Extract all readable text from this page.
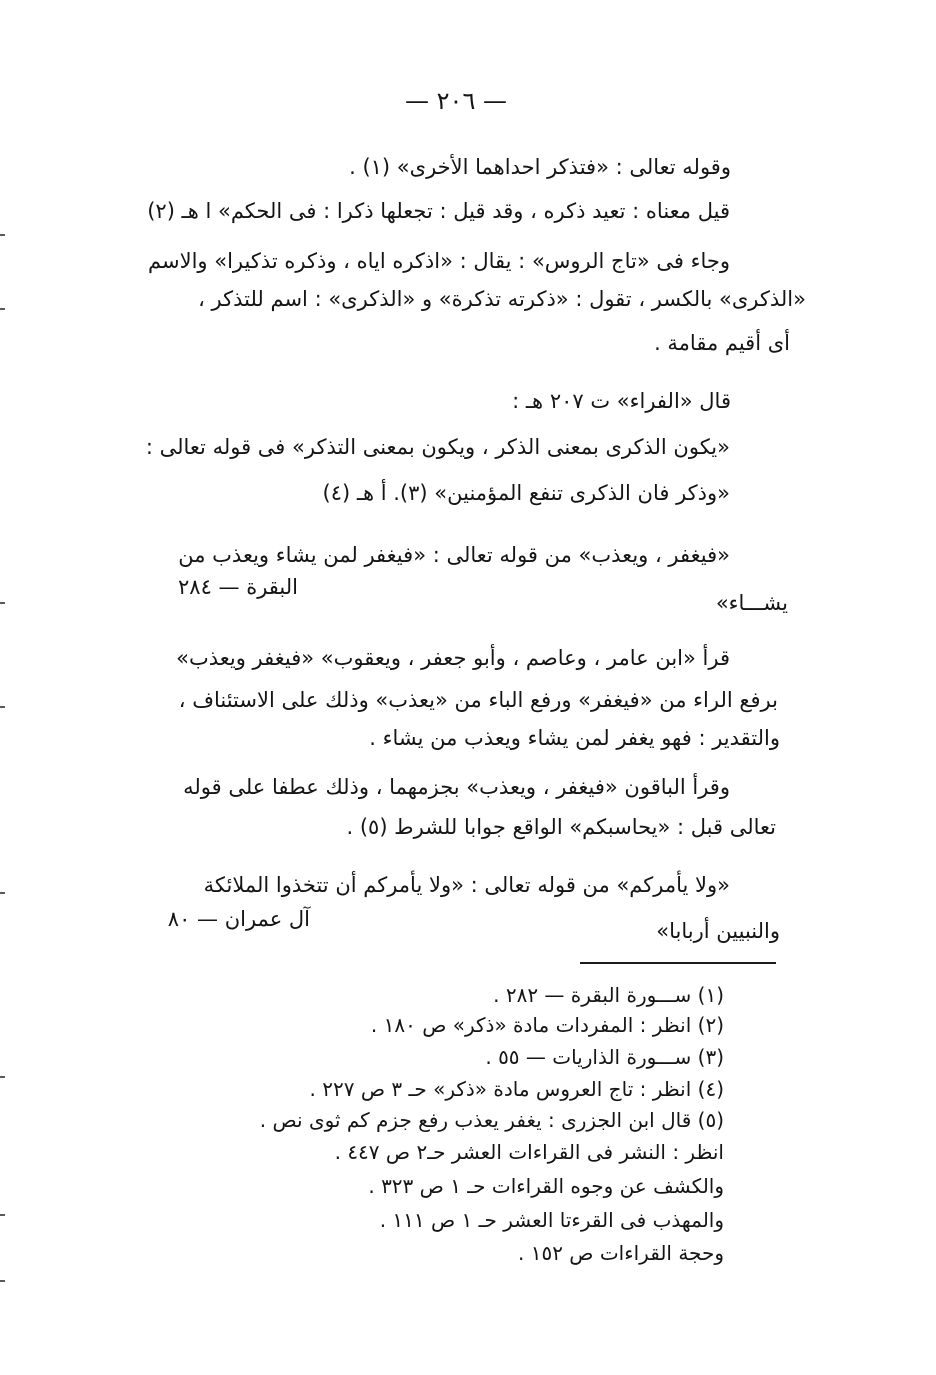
— ٢٠٦ —
وقوله تعالى : «فتذكر احداهما الأخرى» (١) .
قيل معناه : تعيد ذكره ، وقد قيل : تجعلها ذكرا : فى الحكم» ا هـ (٢)
وجاء فى «تاج الروس» : يقال : «اذكره اياه ، وذكره تذكيرا» والاسم
«الذكرى» بالكسر ، تقول : «ذكرته تذكرة» و «الذكرى» : اسم للتذكر ،
أى أقيم مقامة .
قال «الفراء» ت ٢٠٧ هـ :
«يكون الذكرى بمعنى الذكر ، ويكون بمعنى التذكر» فى قوله تعالى :
«وذكر فان الذكرى تنفع المؤمنين» (٣). أ هـ (٤)
«فيغفر ، ويعذب» من قوله تعالى : «فيغفر لمن يشاء ويعذب من
البقرة — ٢٨٤
يشـــاء»
قرأ «ابن عامر ، وعاصم ، وأبو جعفر ، ويعقوب» «فيغفر ويعذب»
برفع الراء من «فيغفر» ورفع الباء من «يعذب» وذلك على الاستئناف ،
والتقدير : فهو يغفر لمن يشاء ويعذب من يشاء .
وقرأ الباقون «فيغفر ، ويعذب» بجزمهما ، وذلك عطفا على قوله
تعالى قبل : «يحاسبكم» الواقع جوابا للشرط (٥) .
«ولا يأمركم» من قوله تعالى : «ولا يأمركم أن تتخذوا الملائكة
آل عمران — ٨٠	والنبيين أربابا»
(١) ســـورة البقرة — ٢٨٢ .
(٢) انظر : المفردات مادة «ذكر» ص ١٨٠ .
(٣) ســـورة الذاريات — ٥٥ .
(٤) انظر : تاج العروس مادة «ذكر» حـ ٣ ص ٢٢٧ .
(٥) قال ابن الجزرى : يغفر يعذب رفع جزم كم ثوى نص .
انظر : النشر فى القراءات العشر حـ٢ ص ٤٤٧ .
والكشف عن وجوه القراءات حـ ١ ص ٣٢٣ .
والمهذب فى القرءتا العشر حـ ١ ص ١١١ .
وحجة القراءات ص ١٥٢ .
